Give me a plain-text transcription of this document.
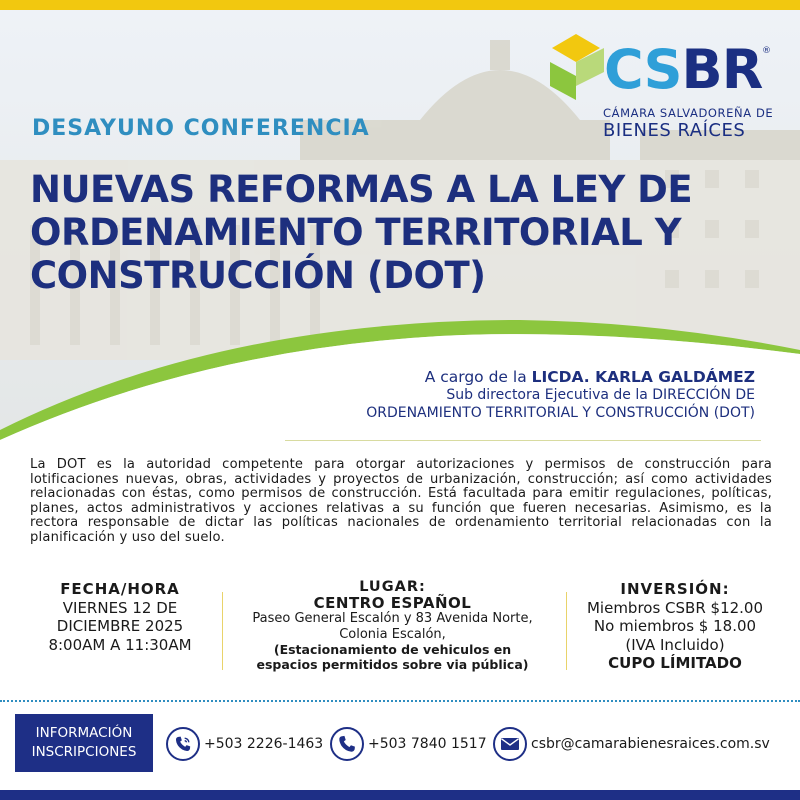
CSBR ®
CÁMARA SALVADOREÑA DE
BIENES RAÍCES
DESAYUNO CONFERENCIA
NUEVAS REFORMAS A LA LEY DE
ORDENAMIENTO TERRITORIAL Y
CONSTRUCCIÓN (DOT)
A cargo de la LICDA. KARLA GALDÁMEZ
Sub directora Ejecutiva de la DIRECCIÓN DE
ORDENAMIENTO TERRITORIAL Y CONSTRUCCIÓN (DOT)
La DOT es la autoridad competente para otorgar autorizaciones y permisos de construcción para lotificaciones nuevas, obras, actividades y proyectos de urbanización, construcción; así como actividades relacionadas con éstas, como permisos de construcción. Está facultada para emitir regulaciones, políticas, planes, actos administrativos y acciones relativas a su función que fueren necesarias. Asimismo, es la rectora responsable de dictar las políticas nacionales de ordenamiento territorial relacionadas con la planificación y uso del suelo.
FECHA/HORA
VIERNES 12 DE
DICIEMBRE 2025
8:00AM A 11:30AM
LUGAR:
CENTRO ESPAÑOL
Paseo General Escalón y 83 Avenida Norte,
Colonia Escalón,
(Estacionamiento de vehiculos en
espacios permitidos sobre via pública)
INVERSIÓN:
Miembros CSBR $12.00
No miembros $ 18.00
(IVA Incluido)
CUPO LÍMITADO
INFORMACIÓN
INSCRIPCIONES	+503 2226-1463	+503 7840 1517	csbr@camarabienesraices.com.sv
